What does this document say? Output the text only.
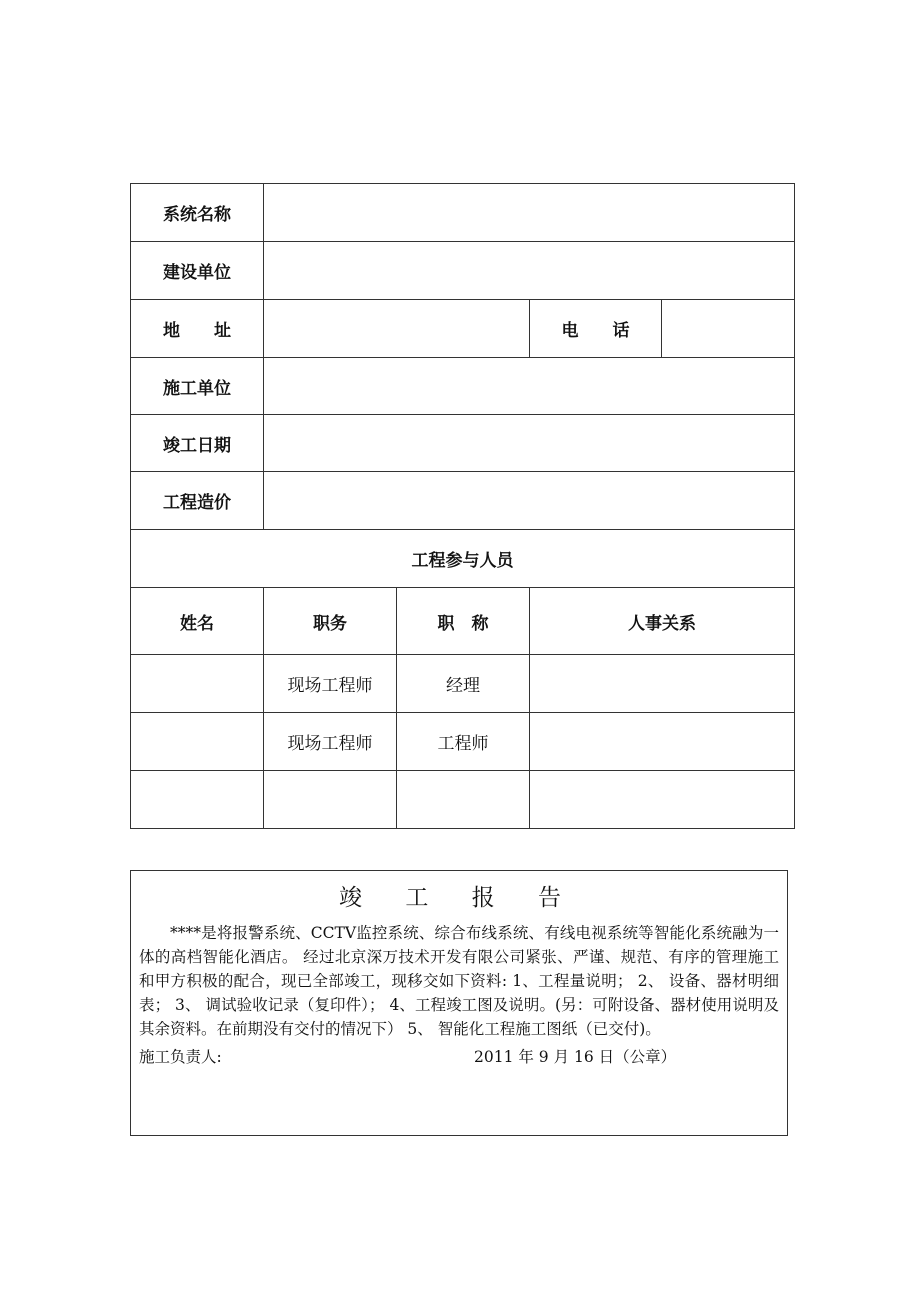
系统名称				
建设单位				
地　　址			电　　话	
施工单位				
竣工日期				
工程造价				
工程参与人员				
姓名	职务	职　称	人事关系	
	现场工程师	经理		
	现场工程师	工程师		

竣 工 报 告

****是将报警系统、CCTV监控系统、综合布线系统、有线电视系统等智能化系统融为一体的高档智能化酒店。 经过北京深万技术开发有限公司紧张、严谨、规范、有序的管理施工和甲方积极的配合，现已全部竣工，现移交如下资料: 1、工程量说明； 2、 设备、器材明细表； 3、 调试验收记录（复印件）； 4、工程竣工图及说明。(另：可附设备、器材使用说明及其余资料。在前期没有交付的情况下） 5、 智能化工程施工图纸（已交付)。

施工负责人:	2011 年 9 月 16 日（公章）
